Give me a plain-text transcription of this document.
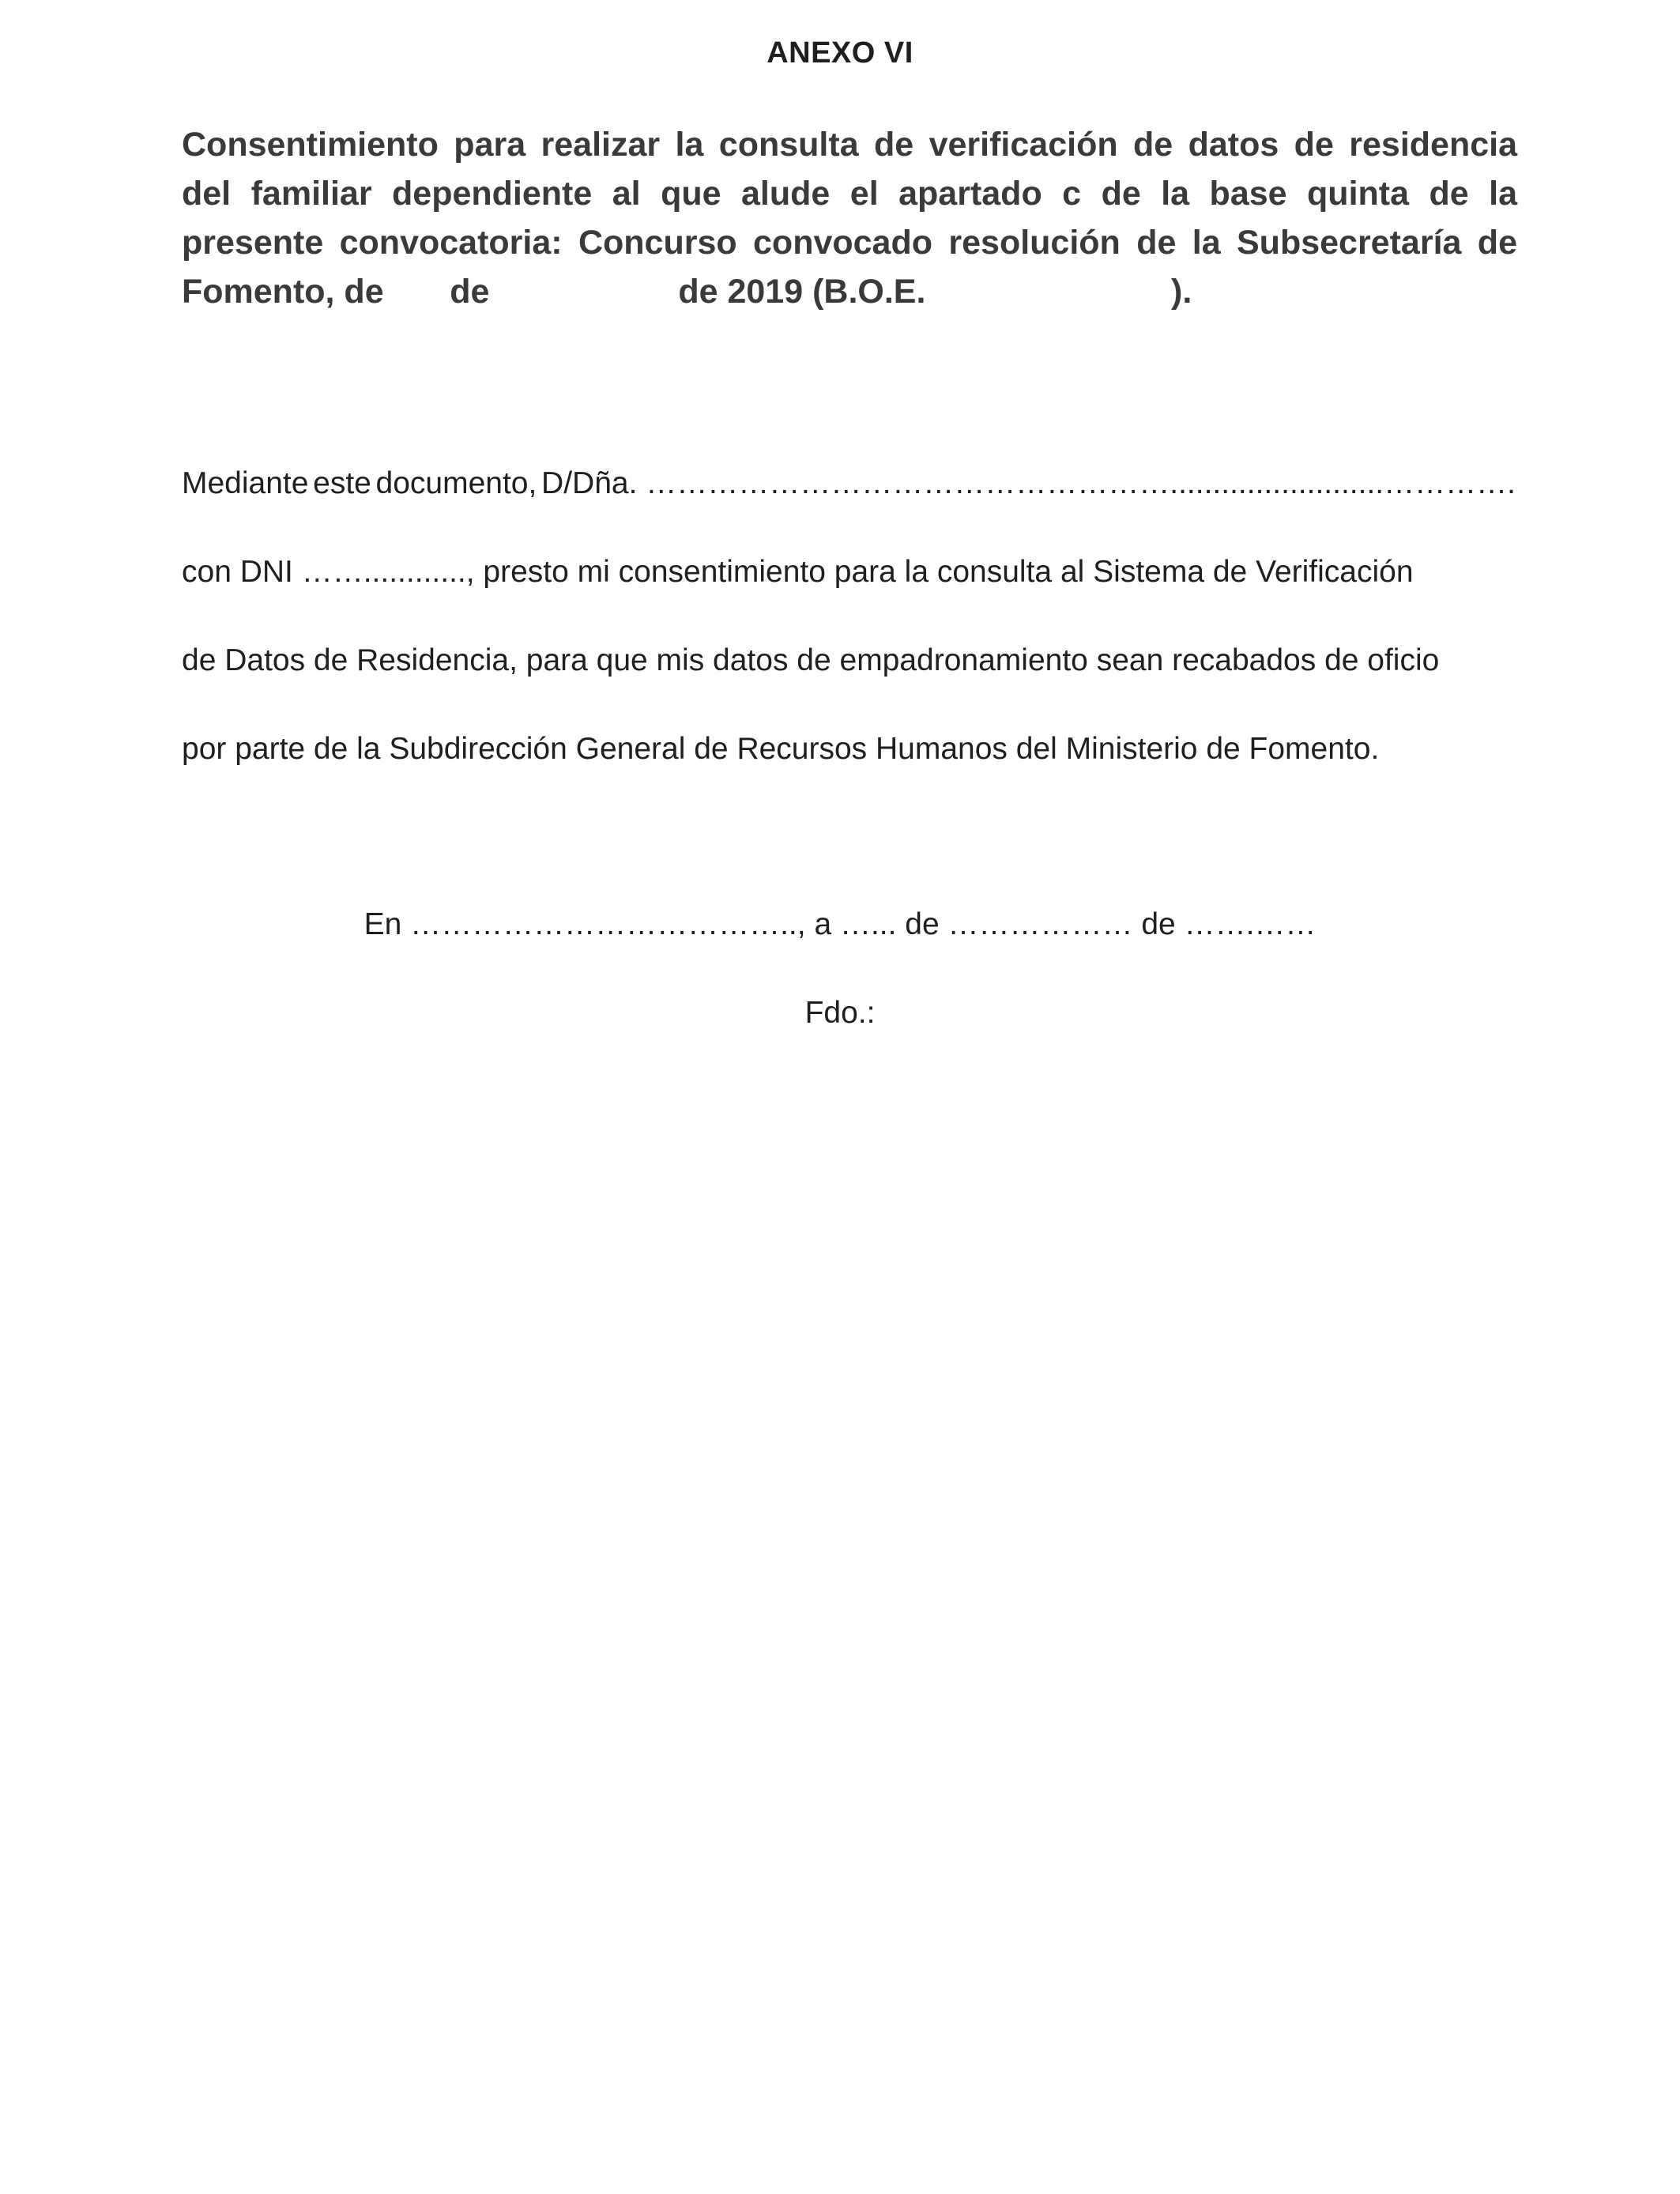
ANEXO VI
Consentimiento para realizar la consulta de verificación de datos de residencia
del familiar dependiente al que alude el apartado c de la base quinta de la
presente convocatoria: Concurso convocado resolución de la Subsecretaría de
Fomento, de       de                    de 2019 (B.O.E.                          ).
Mediante este documento, D/Dña. …………………………………………….........................………….
con DNI ……............, presto mi consentimiento para la consulta al Sistema de Verificación
de Datos de Residencia, para que mis datos de empadronamiento sean recabados de oficio
por parte de la Subdirección General de Recursos Humanos del Ministerio de Fomento.
En ……………………………….., a …... de ……………… de …….……
Fdo.:
